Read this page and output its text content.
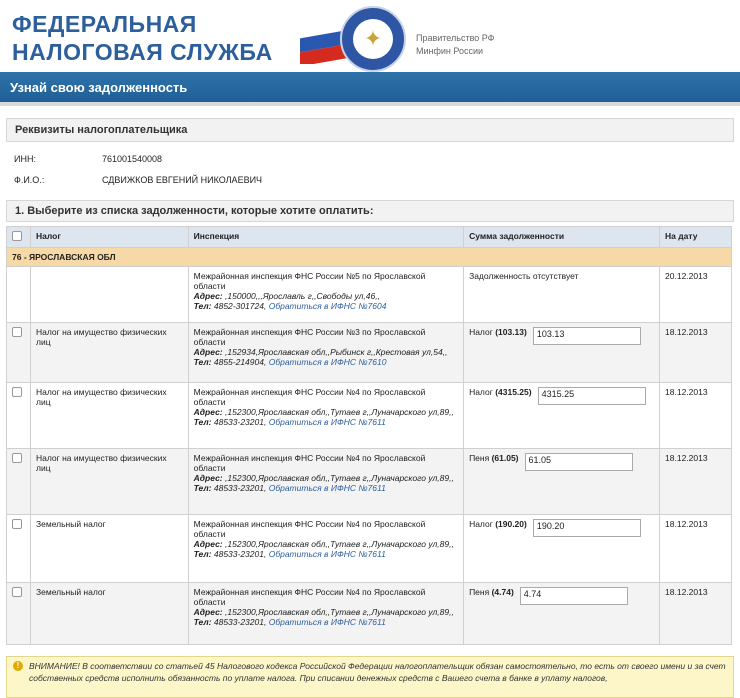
ФЕДЕРАЛЬНАЯ
НАЛОГОВАЯ СЛУЖБА
✦	Правительство РФ
Минфин России
Узнай свою задолженность
Реквизиты налогоплательщика
ИНН:	761001540008
Ф.И.О.:	СДВИЖКОВ ЕВГЕНИЙ НИКОЛАЕВИЧ
1. Выберите из списка задолженности, которые хотите оплатить:
	Налог	Инспекция	Сумма задолженности	На дату
76 - ЯРОСЛАВСКАЯ ОБЛ				

		Межрайонная инспекция ФНС России №5 по Ярославской области
Адрес: ,150000,,,Ярославль г,,Свободы ул,46,,
Тел: 4852-301724, Обратиться в ИФНС №7604	Задолженность отсутствует	20.12.2013
	Налог на имущество физических лиц	Межрайонная инспекция ФНС России №3 по Ярославской области
Адрес: ,152934,Ярославская обл,,Рыбинск г,,Крестовая ул,54,,
Тел: 4855-214904, Обратиться в ИФНС №7610	Налог (103.13) 103.13	18.12.2013
	Налог на имущество физических лиц	Межрайонная инспекция ФНС России №4 по Ярославской области
Адрес: ,152300,Ярославская обл,,Тутаев г,,Луначарского ул,89,,
Тел: 48533-23201, Обратиться в ИФНС №7611	Налог (4315.25) 4315.25	18.12.2013
	Налог на имущество физических лиц	Межрайонная инспекция ФНС России №4 по Ярославской области
Адрес: ,152300,Ярославская обл,,Тутаев г,,Луначарского ул,89,,
Тел: 48533-23201, Обратиться в ИФНС №7611	Пеня (61.05) 61.05	18.12.2013
	Земельный налог	Межрайонная инспекция ФНС России №4 по Ярославской области
Адрес: ,152300,Ярославская обл,,Тутаев г,,Луначарского ул,89,,
Тел: 48533-23201, Обратиться в ИФНС №7611	Налог (190.20) 190.20	18.12.2013
	Земельный налог	Межрайонная инспекция ФНС России №4 по Ярославской области
Адрес: ,152300,Ярославская обл,,Тутаев г,,Луначарского ул,89,,
Тел: 48533-23201, Обратиться в ИФНС №7611	Пеня (4.74) 4.74	18.12.2013
!	ВНИМАНИЕ! В соответствии со статьей 45 Налогового кодекса Российской Федерации налогоплательщик обязан самостоятельно, то есть от своего имени и за счет собственных средств исполнить обязанность по уплате налога. При списании денежных средств с Вашего счета в банке в уплату налогов,
